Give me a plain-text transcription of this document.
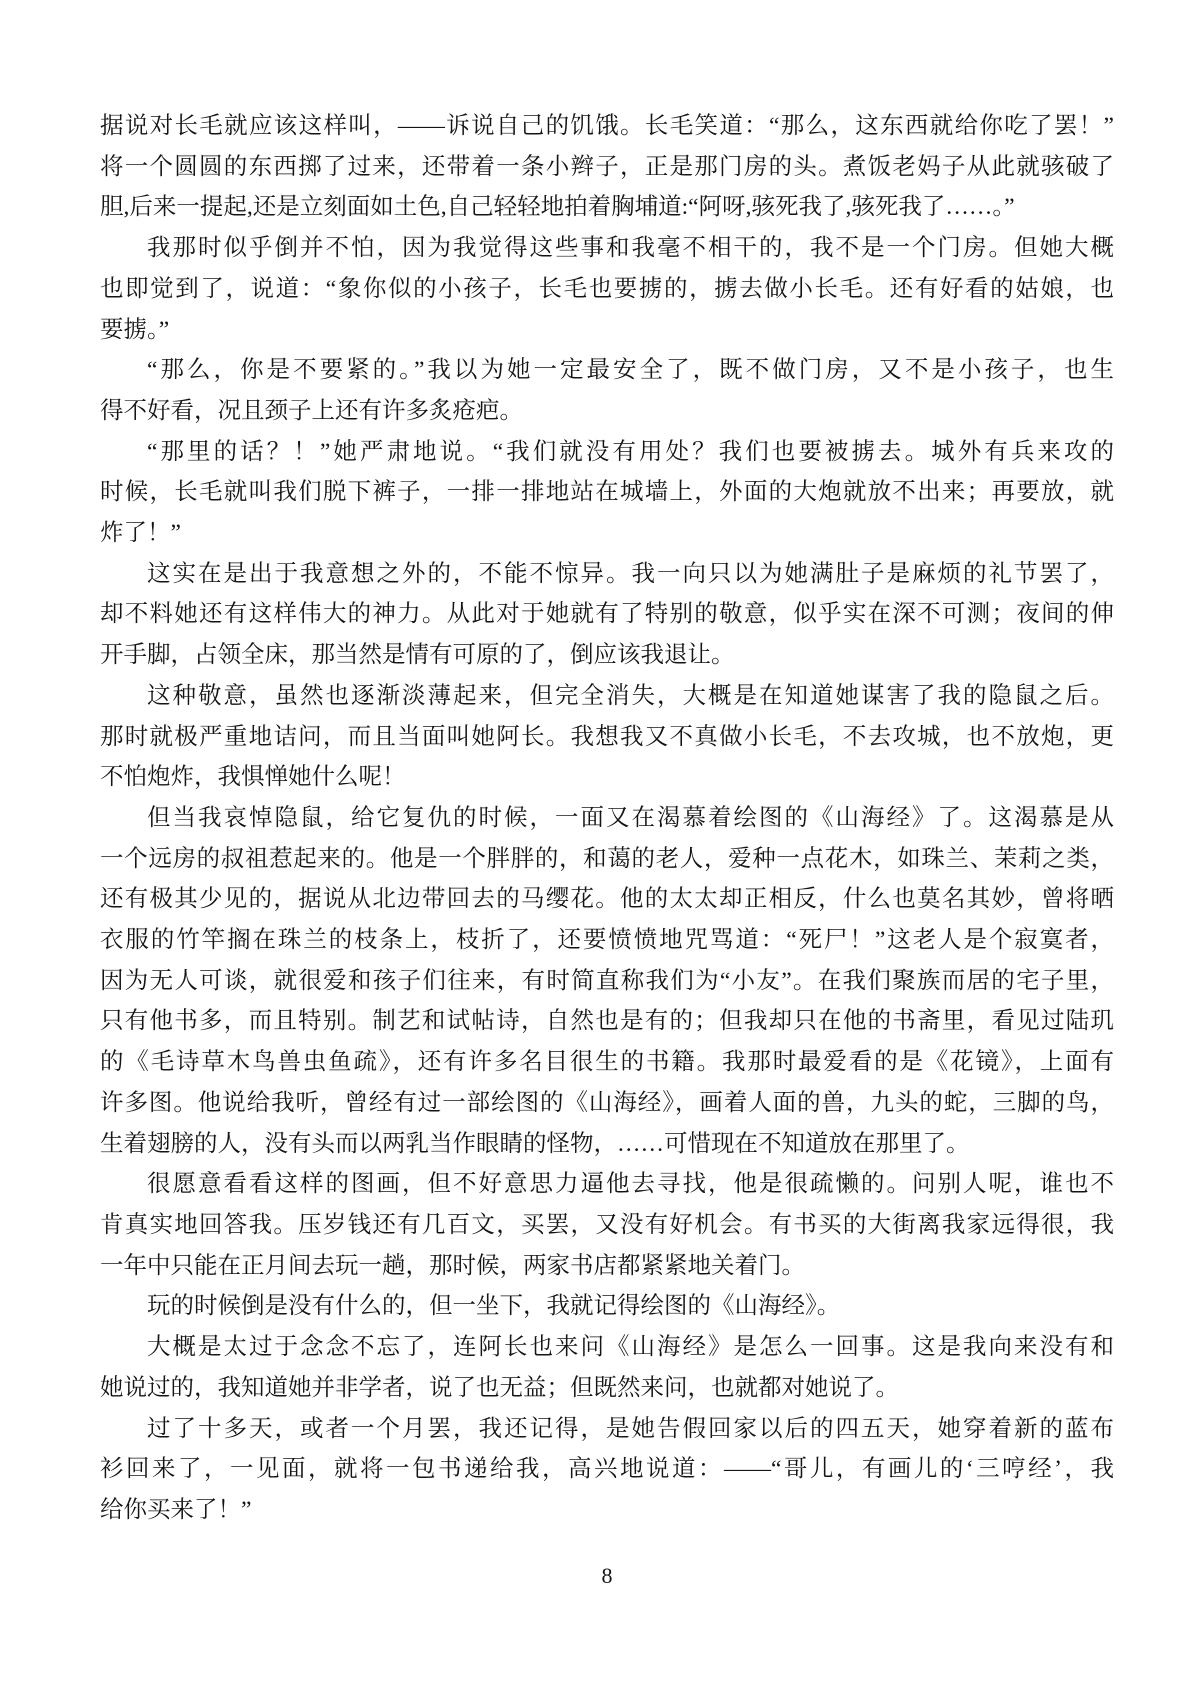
据说对长毛就应该这样叫，——诉说自己的饥饿。长毛笑道：“那么，这东西就给你吃了罢！”
将一个圆圆的东西掷了过来，还带着一条小辫子，正是那门房的头。煮饭老妈子从此就骇破了
胆,后来一提起,还是立刻面如土色,自己轻轻地拍着胸埔道:“阿呀,骇死我了,骇死我了……。”
我那时似乎倒并不怕，因为我觉得这些事和我毫不相干的，我不是一个门房。但她大概
也即觉到了，说道：“象你似的小孩子，长毛也要掳的，掳去做小长毛。还有好看的姑娘，也
要掳。”
“那么，你是不要紧的。”我以为她一定最安全了，既不做门房，又不是小孩子，也生
得不好看，况且颈子上还有许多炙疮疤。
“那里的话？！”她严肃地说。“我们就没有用处？我们也要被掳去。城外有兵来攻的
时候，长毛就叫我们脱下裤子，一排一排地站在城墙上，外面的大炮就放不出来；再要放，就
炸了！”
这实在是出于我意想之外的，不能不惊异。我一向只以为她满肚子是麻烦的礼节罢了，
却不料她还有这样伟大的神力。从此对于她就有了特别的敬意，似乎实在深不可测；夜间的伸
开手脚，占领全床，那当然是情有可原的了，倒应该我退让。
这种敬意，虽然也逐渐淡薄起来，但完全消失，大概是在知道她谋害了我的隐鼠之后。
那时就极严重地诘问，而且当面叫她阿长。我想我又不真做小长毛，不去攻城，也不放炮，更
不怕炮炸，我惧惮她什么呢！
但当我哀悼隐鼠，给它复仇的时候，一面又在渴慕着绘图的《山海经》了。这渴慕是从
一个远房的叔祖惹起来的。他是一个胖胖的，和蔼的老人，爱种一点花木，如珠兰、茉莉之类，
还有极其少见的，据说从北边带回去的马缨花。他的太太却正相反，什么也莫名其妙，曾将晒
衣服的竹竿搁在珠兰的枝条上，枝折了，还要愤愤地咒骂道：“死尸！”这老人是个寂寞者，
因为无人可谈，就很爱和孩子们往来，有时简直称我们为“小友”。在我们聚族而居的宅子里，
只有他书多，而且特别。制艺和试帖诗，自然也是有的；但我却只在他的书斋里，看见过陆玑
的《毛诗草木鸟兽虫鱼疏》，还有许多名目很生的书籍。我那时最爱看的是《花镜》，上面有
许多图。他说给我听，曾经有过一部绘图的《山海经》，画着人面的兽，九头的蛇，三脚的鸟，
生着翅膀的人，没有头而以两乳当作眼睛的怪物，……可惜现在不知道放在那里了。
很愿意看看这样的图画，但不好意思力逼他去寻找，他是很疏懒的。问别人呢，谁也不
肯真实地回答我。压岁钱还有几百文，买罢，又没有好机会。有书买的大街离我家远得很，我
一年中只能在正月间去玩一趟，那时候，两家书店都紧紧地关着门。
玩的时候倒是没有什么的，但一坐下，我就记得绘图的《山海经》。
大概是太过于念念不忘了，连阿长也来问《山海经》是怎么一回事。这是我向来没有和
她说过的，我知道她并非学者，说了也无益；但既然来问，也就都对她说了。
过了十多天，或者一个月罢，我还记得，是她告假回家以后的四五天，她穿着新的蓝布
衫回来了，一见面，就将一包书递给我，高兴地说道：——“哥儿，有画儿的‘三哼经’，我
给你买来了！”
8
